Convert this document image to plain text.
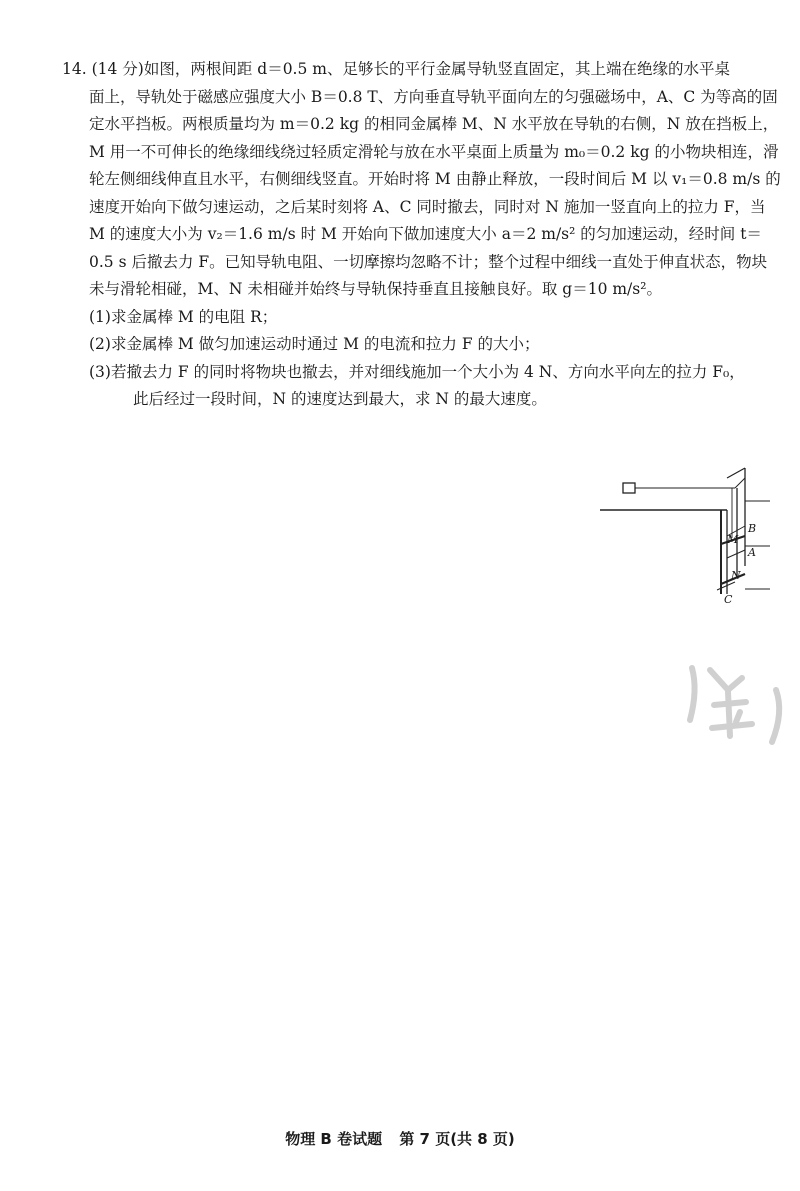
14. (14 分)如图，两根间距 d＝0.5 m、足够长的平行金属导轨竖直固定，其上端在绝缘的水平桌
面上，导轨处于磁感应强度大小 B＝0.8 T、方向垂直导轨平面向左的匀强磁场中，A、C 为等高的固定水平挡板。两根质量均为 m＝0.2 kg 的相同金属棒 M、N 水平放在导轨的右侧，N 放在挡板上，M 用一不可伸长的绝缘细线绕过轻质定滑轮与放在水平桌面上质量为 m₀＝0.2 kg 的小物块相连，滑轮左侧细线伸直且水平，右侧细线竖直。开始时将 M 由静止释放，一段时间后 M 以 v₁＝0.8 m/s 的速度开始向下做匀速运动，之后某时刻将 A、C 同时撤去，同时对 N 施加一竖直向上的拉力 F，当 M 的速度大小为 v₂＝1.6 m/s 时 M 开始向下做加速度大小 a＝2 m/s² 的匀加速运动，经时间 t＝0.5 s 后撤去力 F。已知导轨电阻、一切摩擦均忽略不计；整个过程中细线一直处于伸直状态，物块未与滑轮相碰，M、N 未相碰并始终与导轨保持垂直且接触良好。取 g＝10 m/s²。
(1)求金属棒 M 的电阻 R；
(2)求金属棒 M 做匀加速运动时通过 M 的电流和拉力 F 的大小；
(3)若撤去力 F 的同时将物块也撤去，并对细线施加一个大小为 4 N、方向水平向左的拉力 F₀，
此后经过一段时间，N 的速度达到最大，求 N 的最大速度。
B
M
A
N
C
物理 B 卷试题 第 7 页(共 8 页)
